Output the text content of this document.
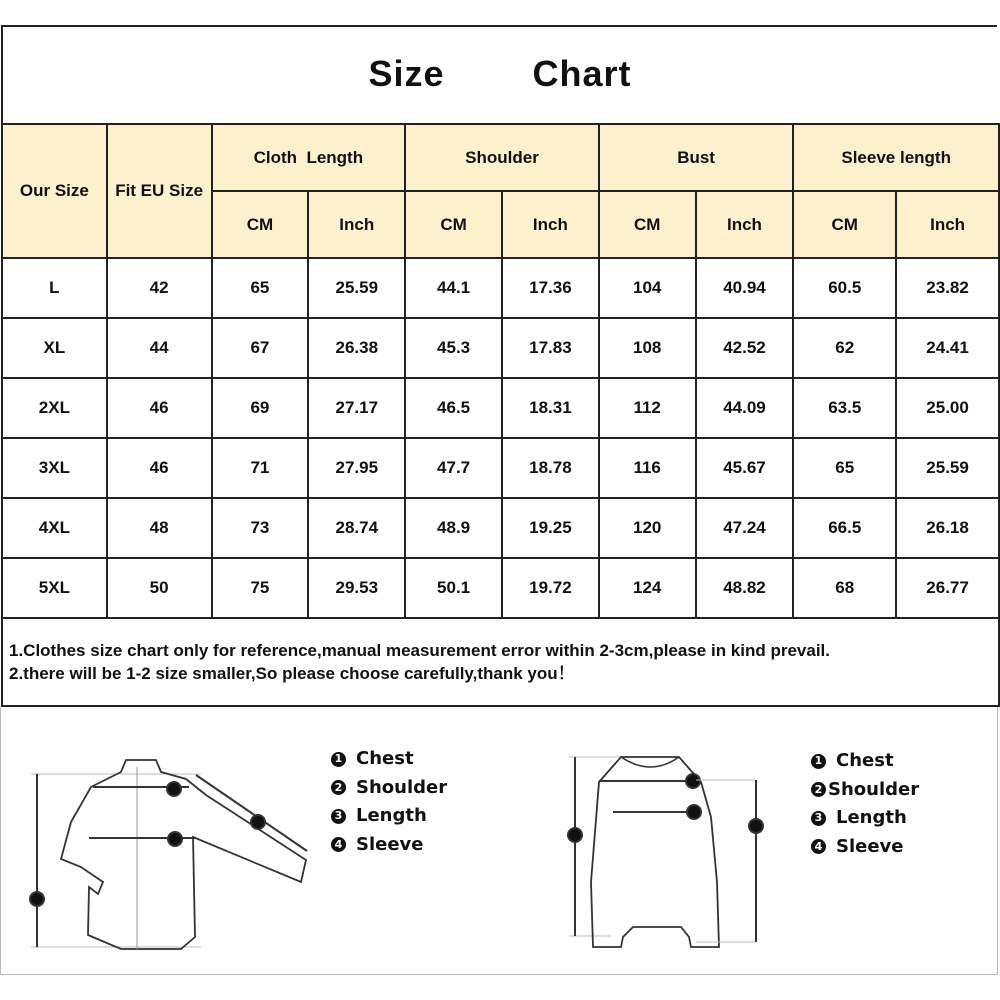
Size Chart
Our Size	Fit EU Size	Cloth  Length		Shoulder		Bust		Sleeve length	
		CM	Inch	CM	Inch	CM	Inch	CM	Inch
L	42	65	25.59	44.1	17.36	104	40.94	60.5	23.82
XL	44	67	26.38	45.3	17.83	108	42.52	62	24.41
2XL	46	69	27.17	46.5	18.31	112	44.09	63.5	25.00
3XL	46	71	27.95	47.7	18.78	116	45.67	65	25.59
4XL	48	73	28.74	48.9	19.25	120	47.24	66.5	26.18
5XL	50	75	29.53	50.1	19.72	124	48.82	68	26.77
1.Clothes size chart only for reference,manual measurement error within 2-3cm,please in kind prevail.
2.there will be 1-2 size smaller,So please choose carefully,thank you！
1 Chest
2 Shoulder
3 Length
4 Sleeve
1 Chest
2 Shoulder
3 Length
4 Sleeve
